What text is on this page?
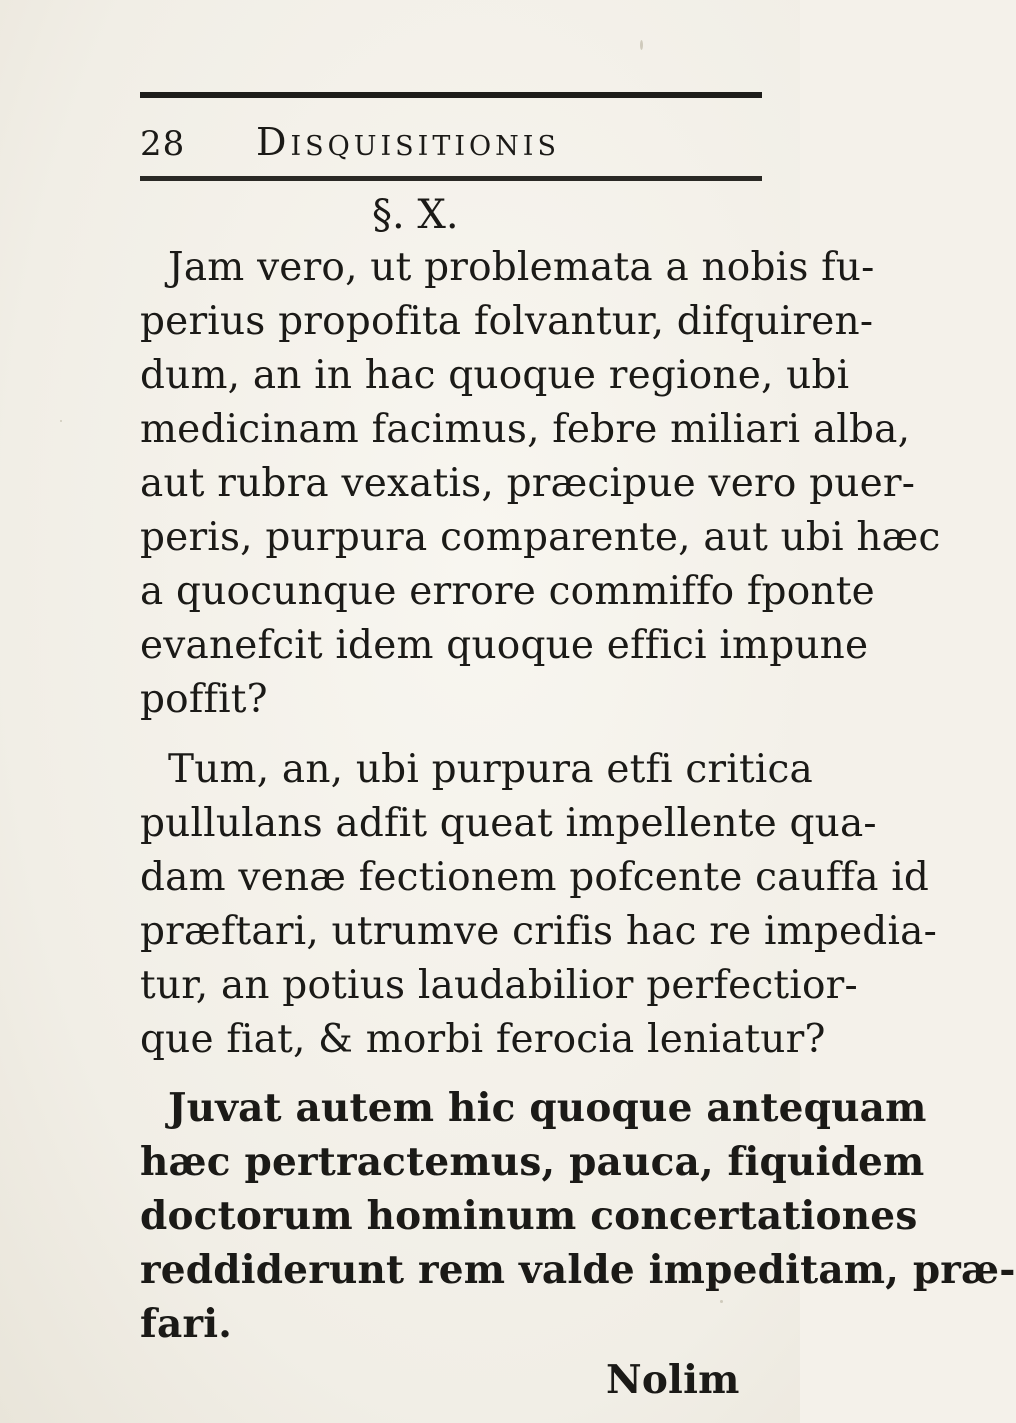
28 Disquisitionis
§. X.
Jam vero, ut problemata a nobis fu-
perius propofita folvantur, difquiren-
dum, an in hac quoque regione, ubi
medicinam facimus, febre miliari alba,
aut rubra vexatis, præcipue vero puer-
peris, purpura comparente, aut ubi hæc
a quocunque errore commiffo fponte
evanefcit idem quoque effici impune
poffit?
Tum, an, ubi purpura etfi critica
pullulans adfit queat impellente qua-
dam venæ fectionem pofcente cauffa id
præftari, utrumve crifis hac re impedia-
tur, an potius laudabilior perfectior-
que fiat, & morbi ferocia leniatur?
Juvat autem hic quoque antequam
hæc pertractemus, pauca, fiquidem
doctorum hominum concertationes
reddiderunt rem valde impeditam, præ-
fari.
Nolim
